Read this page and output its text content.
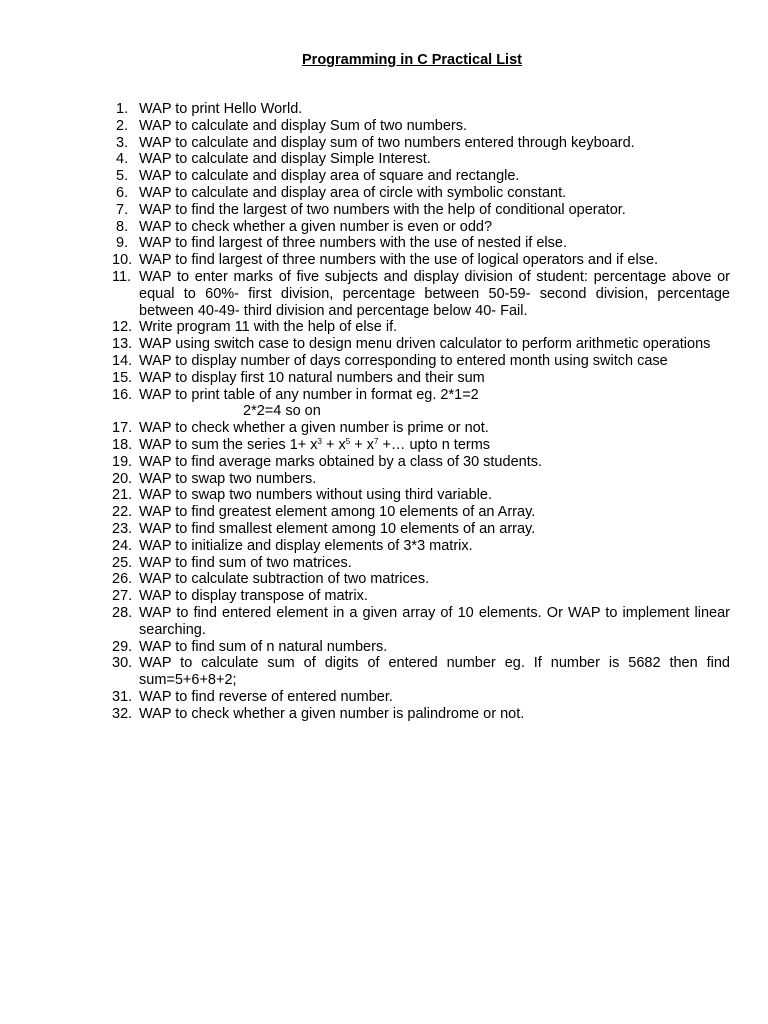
Programming in C Practical List
1. WAP to print Hello World.
2. WAP to calculate and display Sum of two numbers.
3. WAP to calculate and display sum of two numbers entered through keyboard.
4. WAP to calculate and display Simple Interest.
5. WAP to calculate and display area of square and rectangle.
6. WAP to calculate and display area of circle with symbolic constant.
7. WAP to find the largest of two numbers with the help of conditional operator.
8. WAP to check whether a given number is even or odd?
9. WAP to find largest of three numbers with the use of nested if else.
10. WAP to find largest of three numbers with the use of logical operators and if else.
11. WAP to enter marks of five subjects and display division of student: percentage above or equal to 60%- first division, percentage between 50-59- second division, percentage between 40-49- third division and percentage below 40- Fail.
12. Write program 11 with the help of else if.
13. WAP using switch case to design menu driven calculator to perform arithmetic operations
14. WAP to display number of days corresponding to entered month using switch case
15. WAP to display first 10 natural numbers and their sum
16. WAP to print table of any number in format eg. 2*1=2
2*2=4 so on
17. WAP to check whether a given number is prime or not.
18. WAP to sum the series $1+ x^3 + x^5 + x^7$ +… upto n terms
19. WAP to find average marks obtained by a class of 30 students.
20. WAP to swap two numbers.
21. WAP to swap two numbers without using third variable.
22. WAP to find greatest element among 10 elements of an Array.
23. WAP to find smallest element among 10 elements of an array.
24. WAP to initialize and display elements of 3*3 matrix.
25. WAP to find sum of two matrices.
26. WAP to calculate subtraction of two matrices.
27. WAP to display transpose of matrix.
28. WAP to find entered element in a given array of 10 elements. Or WAP to implement linear searching.
29. WAP to find sum of n natural numbers.
30. WAP to calculate sum of digits of entered number eg. If number is 5682 then find sum=5+6+8+2;
31. WAP to find reverse of entered number.
32. WAP to check whether a given number is palindrome or not.
